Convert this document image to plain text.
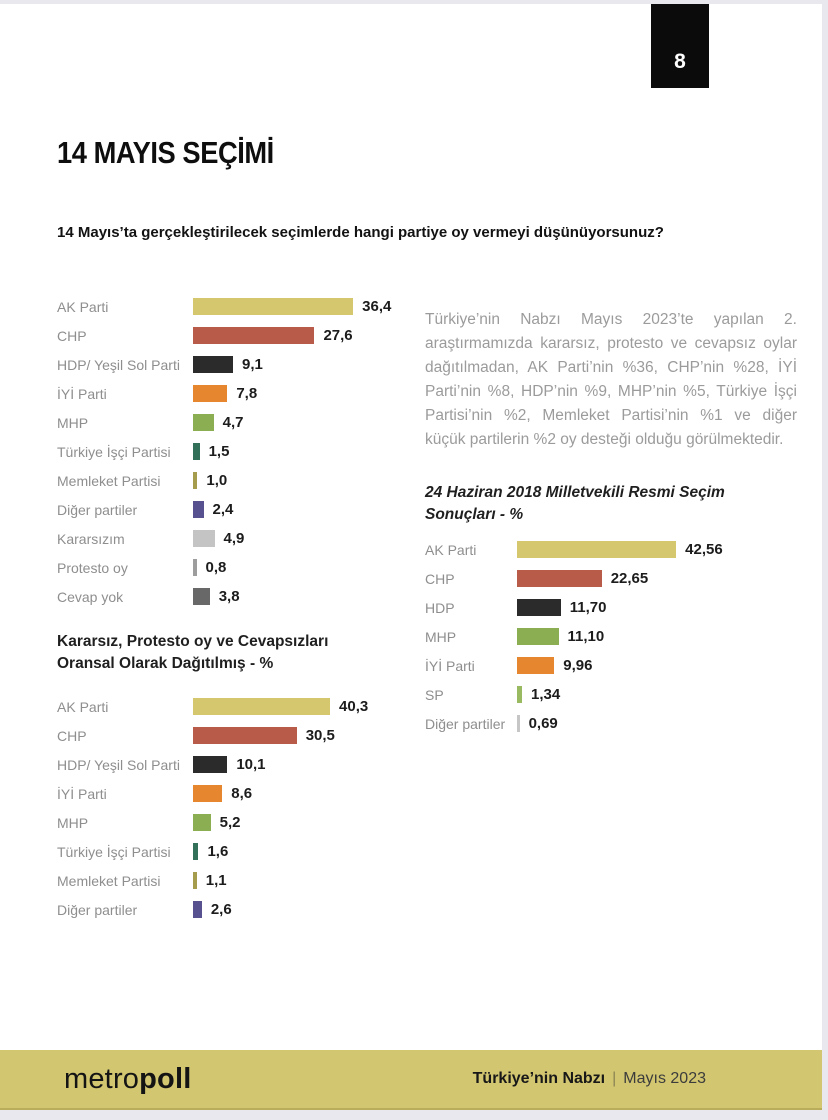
8
14 MAYIS SEÇİMİ
14 Mayıs’ta gerçekleştirilecek seçimlerde hangi partiye oy vermeyi düşünüyorsunuz?
AK Parti	36,4
CHP	27,6
HDP/ Yeşil Sol Parti	9,1
İYİ Parti	7,8
MHP	4,7
Türkiye İşçi Partisi	1,5
Memleket Partisi	1,0
Diğer partiler	2,4
Kararsızım	4,9
Protesto oy	0,8
Cevap yok	3,8

Türkiye’nin Nabzı Mayıs 2023’te yapılan 2. araştırmamızda kararsız, protesto ve cevapsız oylar dağıtılmadan, AK Parti’nin %36, CHP’nin %28, İYİ Parti’nin %8, HDP’nin %9, MHP’nin %5, Türkiye İşçi Partisi’nin %2, Memleket Partisi’nin %1 ve diğer küçük partilerin %2 oy desteği olduğu görülmektedir.

24 Haziran 2018 Milletvekili Resmi Seçim Sonuçları - %
AK Parti	42,56
CHP	22,65
HDP	11,70
MHP	11,10
İYİ Parti	9,96
SP	1,34
Diğer partiler	0,69
Kararsız, Protesto oy ve Cevapsızları Oransal Olarak Dağıtılmış - %
AK Parti	40,3
CHP	30,5
HDP/ Yeşil Sol Parti	10,1
İYİ Parti	8,6
MHP	5,2
Türkiye İşçi Partisi	1,6
Memleket Partisi	1,1
Diğer partiler	2,6
metropoll	Türkiye’nin Nabzı | Mayıs 2023
